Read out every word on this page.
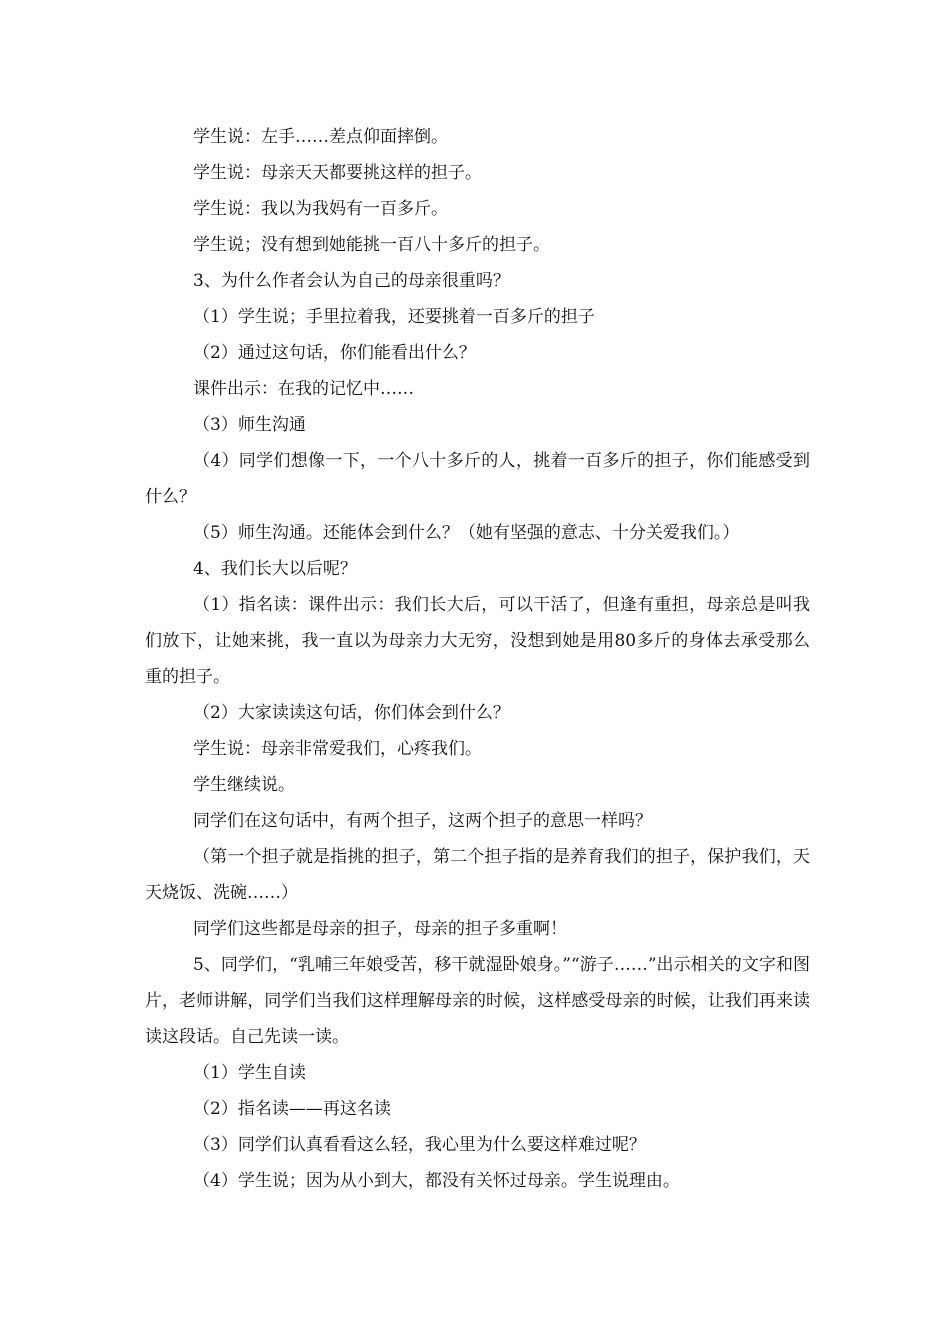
学生说：左手……差点仰面摔倒。

学生说：母亲天天都要挑这样的担子。

学生说：我以为我妈有一百多斤。

学生说；没有想到她能挑一百八十多斤的担子。

3、为什么作者会认为自己的母亲很重吗？

（1）学生说；手里拉着我，还要挑着一百多斤的担子

（2）通过这句话，你们能看出什么？

课件出示：在我的记忆中……

（3）师生沟通

（4）同学们想像一下，一个八十多斤的人，挑着一百多斤的担子，你们能感受到什么？

（5）师生沟通。还能体会到什么？（她有坚强的意志、十分关爱我们。）

4、我们长大以后呢？

（1）指名读：课件出示：我们长大后，可以干活了，但逢有重担，母亲总是叫我们放下，让她来挑，我一直以为母亲力大无穷，没想到她是用80多斤的身体去承受那么重的担子。

（2）大家读读这句话，你们体会到什么？

学生说：母亲非常爱我们，心疼我们。

学生继续说。

同学们在这句话中，有两个担子，这两个担子的意思一样吗？

（第一个担子就是指挑的担子，第二个担子指的是养育我们的担子，保护我们，天天烧饭、洗碗……）

同学们这些都是母亲的担子，母亲的担子多重啊！

5、同学们，“乳哺三年娘受苦，移干就湿卧娘身。”“游子……”出示相关的文字和图片，老师讲解，同学们当我们这样理解母亲的时候，这样感受母亲的时候，让我们再来读读这段话。自己先读一读。

（1）学生自读

（2）指名读——再这名读

（3）同学们认真看看这么轻，我心里为什么要这样难过呢？

（4）学生说；因为从小到大，都没有关怀过母亲。学生说理由。
